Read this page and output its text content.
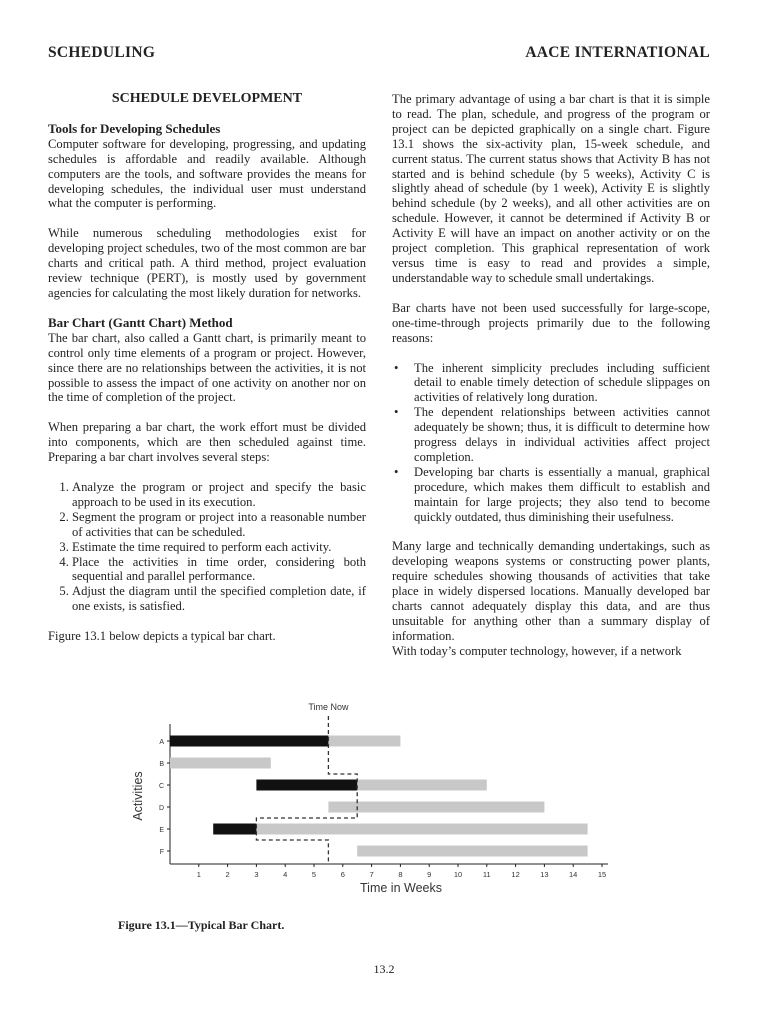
SCHEDULING	AACE INTERNATIONAL
SCHEDULE DEVELOPMENT
Tools for Developing Schedules

Computer software for developing, progressing, and updating schedules is affordable and readily available. Although computers are the tools, and software provides the means for developing schedules, the individual user must understand what the computer is performing.

While numerous scheduling methodologies exist for developing project schedules, two of the most common are bar charts and critical path. A third method, project evaluation review technique (PERT), is mostly used by government agencies for calculating the most likely duration for networks.

Bar Chart (Gantt Chart) Method

The bar chart, also called a Gantt chart, is primarily meant to control only time elements of a program or project. However, since there are no relationships between the activities, it is not possible to assess the impact of one activity on another nor on the time of completion of the project.

When preparing a bar chart, the work effort must be divided into components, which are then scheduled against time. Preparing a bar chart involves several steps:

1. Analyze the program or project and specify the basic approach to be used in its execution.
2. Segment the program or project into a reasonable number of activities that can be scheduled.
3. Estimate the time required to perform each activity.
4. Place the activities in time order, considering both sequential and parallel performance.
5. Adjust the diagram until the specified completion date, if one exists, is satisfied.

Figure 13.1 below depicts a typical bar chart.

The primary advantage of using a bar chart is that it is simple to read. The plan, schedule, and progress of the program or project can be depicted graphically on a single chart. Figure 13.1 shows the six-activity plan, 15-week schedule, and current status. The current status shows that Activity B has not started and is behind schedule (by 5 weeks), Activity C is slightly ahead of schedule (by 1 week), Activity E is slightly behind schedule (by 2 weeks), and all other activities are on schedule. However, it cannot be determined if Activity B or Activity E will have an impact on another activity or on the project completion. This graphical representation of work versus time is easy to read and provides a simple, understandable way to schedule small undertakings.

Bar charts have not been used successfully for large-scope, one-time-through projects primarily due to the following reasons:

• The inherent simplicity precludes including sufficient detail to enable timely detection of schedule slippages on activities of relatively long duration.
• The dependent relationships between activities cannot adequately be shown; thus, it is difficult to determine how progress delays in individual activities affect project completion.
• Developing bar charts is essentially a manual, graphical procedure, which makes them difficult to establish and maintain for large projects; they also tend to become quickly outdated, thus diminishing their usefulness.

Many large and technically demanding undertakings, such as developing weapons systems or constructing power plants, require schedules showing thousands of activities that take place in widely dispersed locations. Manually developed bar charts cannot adequately display this data, and are thus unsuitable for anything other than a summary display of information.

With today’s computer technology, however, if a network

A
B
C
D
E
F
1	2	3	4	5	6	7	8	9	10	11	12	13	14	15
Time Now
Time in Weeks
Activities
Figure 13.1—Typical Bar Chart.
13.2
